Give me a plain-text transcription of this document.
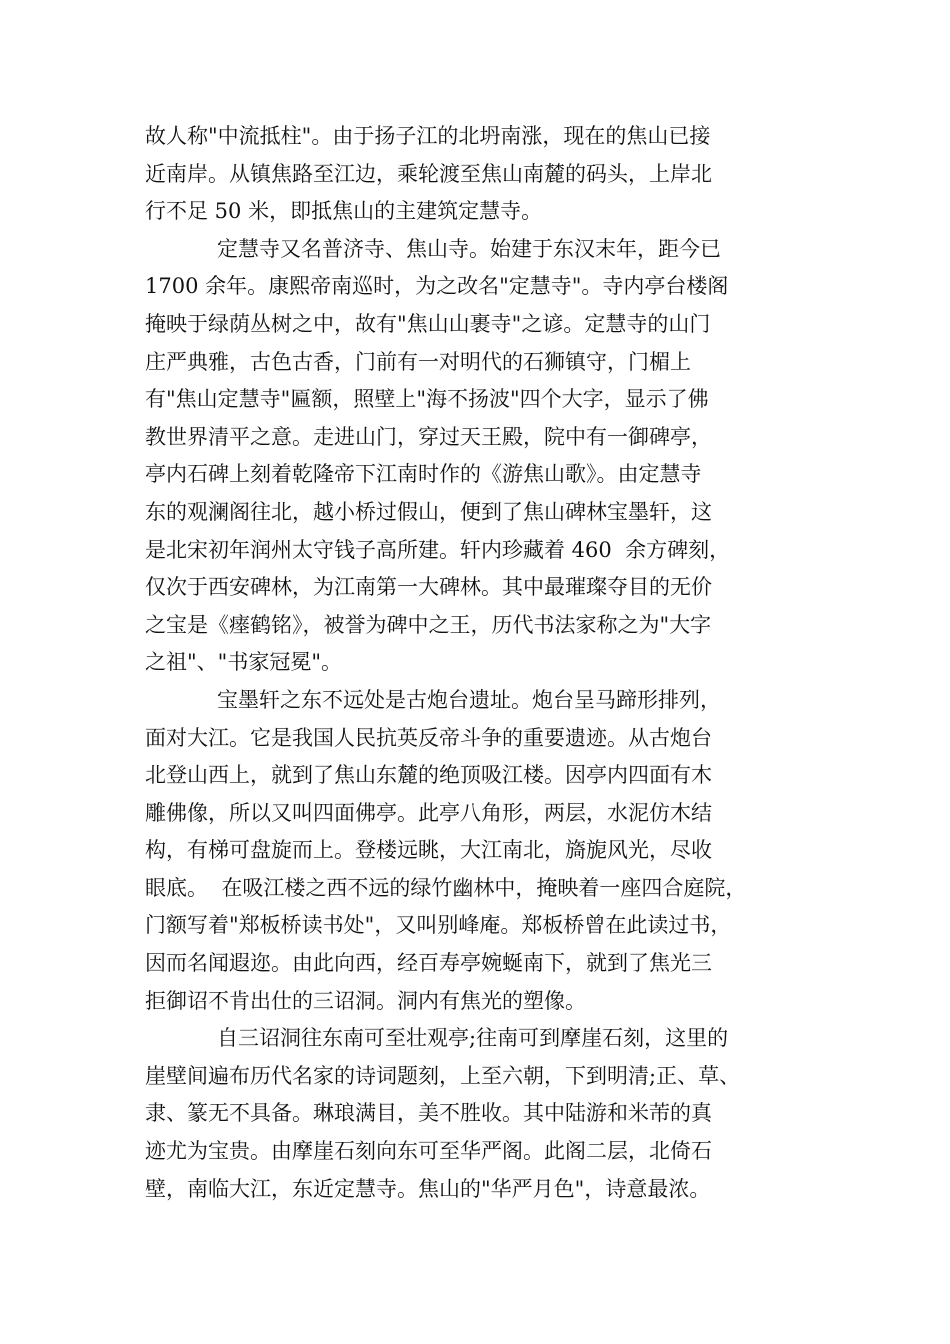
故人称"中流抵柱"。由于扬子江的北坍南涨，现在的焦山已接
近南岸。从镇焦路至江边，乘轮渡至焦山南麓的码头，上岸北
行不足 50 米，即抵焦山的主建筑定慧寺。
定慧寺又名普济寺、焦山寺。始建于东汉末年，距今已
1700 余年。康熙帝南巡时，为之改名"定慧寺"。寺内亭台楼阁
掩映于绿荫丛树之中，故有"焦山山裹寺"之谚。定慧寺的山门
庄严典雅，古色古香，门前有一对明代的石狮镇守，门楣上
有"焦山定慧寺"匾额，照壁上"海不扬波"四个大字，显示了佛
教世界清平之意。走进山门，穿过天王殿，院中有一御碑亭，
亭内石碑上刻着乾隆帝下江南时作的《游焦山歌》。由定慧寺
东的观澜阁往北，越小桥过假山，便到了焦山碑林宝墨轩，这
是北宋初年润州太守钱子高所建。轩内珍藏着 460  余方碑刻，
仅次于西安碑林，为江南第一大碑林。其中最璀璨夺目的无价
之宝是《瘗鹤铭》，被誉为碑中之王，历代书法家称之为"大字
之祖"、"书家冠冕"。
宝墨轩之东不远处是古炮台遗址。炮台呈马蹄形排列，
面对大江。它是我国人民抗英反帝斗争的重要遗迹。从古炮台
北登山西上，就到了焦山东麓的绝顶吸江楼。因亭内四面有木
雕佛像，所以又叫四面佛亭。此亭八角形，两层，水泥仿木结
构，有梯可盘旋而上。登楼远眺，大江南北，旖旎风光，尽收
眼底。  在吸江楼之西不远的绿竹幽林中，掩映着一座四合庭院，
门额写着"郑板桥读书处"，又叫别峰庵。郑板桥曾在此读过书，
因而名闻遐迩。由此向西，经百寿亭婉蜒南下，就到了焦光三
拒御诏不肯出仕的三诏洞。洞内有焦光的塑像。
自三诏洞往东南可至壮观亭;往南可到摩崖石刻，这里的
崖壁间遍布历代名家的诗词题刻，上至六朝，下到明清;正、草、
隶、篆无不具备。琳琅满目，美不胜收。其中陆游和米芾的真
迹尤为宝贵。由摩崖石刻向东可至华严阁。此阁二层，北倚石
壁，南临大江，东近定慧寺。焦山的"华严月色"，诗意最浓。
